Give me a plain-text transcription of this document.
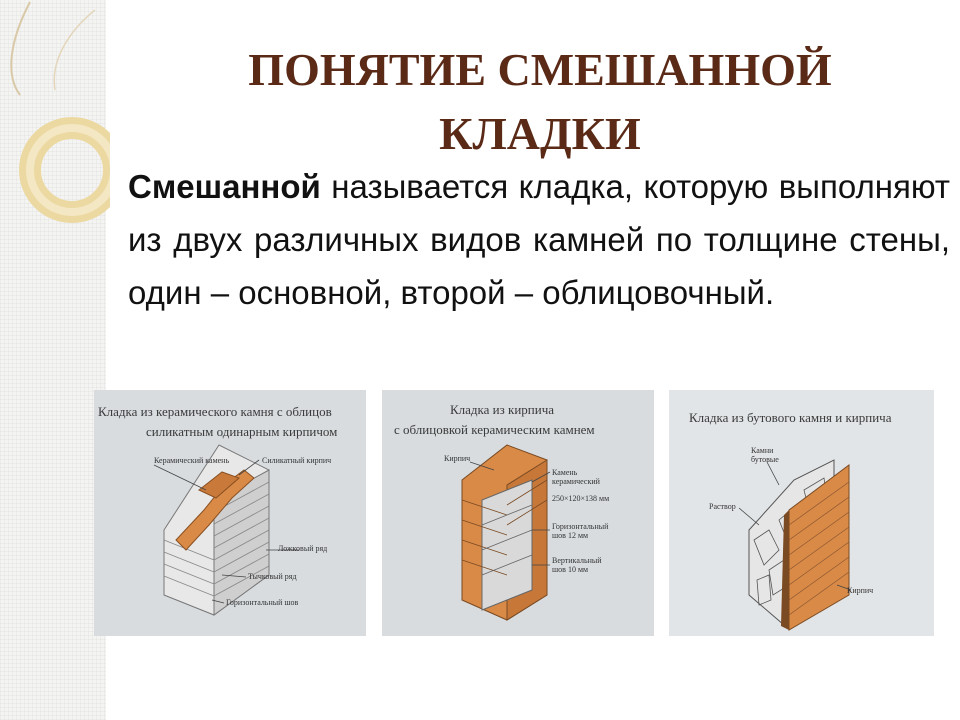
ПОНЯТИЕ СМЕШАННОЙ
КЛАДКИ

Смешанной называется кладка, которую выполняют из двух различных видов камней по толщине стены, один – основной, второй – облицовочный.

Кладка из керамического камня с облицов
силикатным одинарным кирпичом
Керамический камень	Силикатный кирпич
Ложковый ряд
Тычковый ряд
Горизонтальный шов
Кладка из кирпича
с облицовкой керамическим камнем
Кирпич
Камень керамический
250×120×138 мм
Горизонтальный шов 12 мм
Вертикальный шов 10 мм
Кладка из бутового камня и кирпича
Камни бутовые
Раствор
Кирпич
